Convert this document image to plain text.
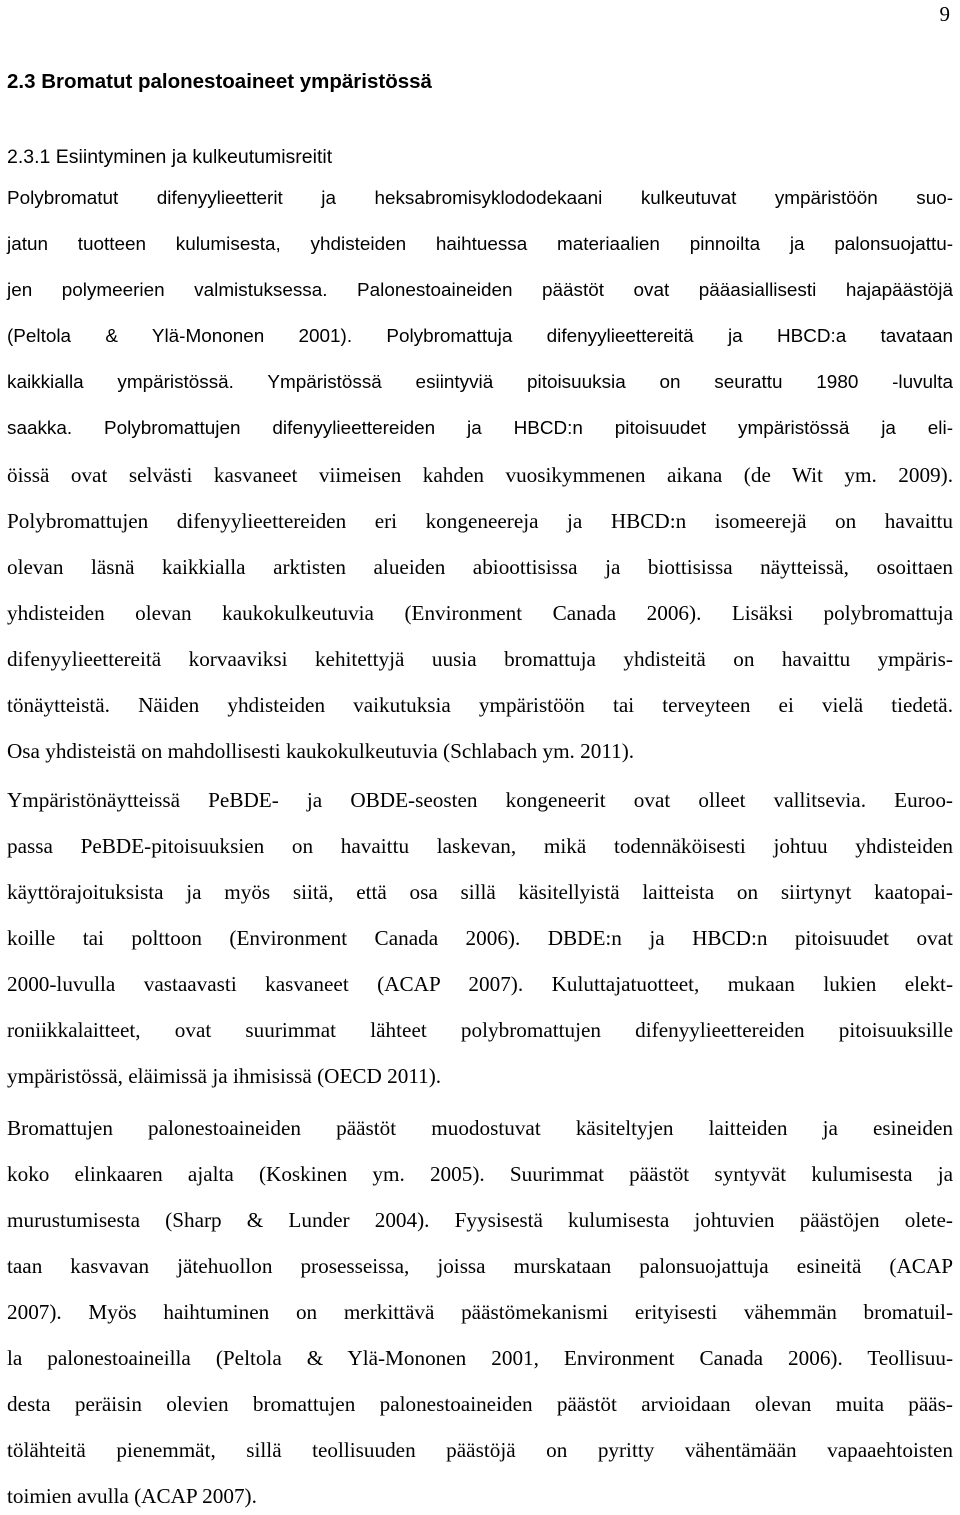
9
2.3 Bromatut palonestoaineet ympäristössä
2.3.1 Esiintyminen ja kulkeutumisreitit
Polybromatut difenyylieetterit ja heksabromisyklododekaani kulkeutuvat ympäristöön suo-
jatun tuotteen kulumisesta, yhdisteiden haihtuessa materiaalien pinnoilta ja palonsuojattu-
jen polymeerien valmistuksessa. Palonestoaineiden päästöt ovat pääasiallisesti hajapäästöjä
(Peltola & Ylä-Mononen 2001). Polybromattuja difenyylieettereitä ja HBCD:a tavataan
kaikkialla ympäristössä. Ympäristössä esiintyviä pitoisuuksia on seurattu 1980 -luvulta
saakka. Polybromattujen difenyylieettereiden ja HBCD:n pitoisuudet ympäristössä ja eli-
öissä ovat selvästi kasvaneet viimeisen kahden vuosikymmenen aikana (de Wit ym. 2009).
Polybromattujen difenyylieettereiden eri kongeneereja ja HBCD:n isomeerejä on havaittu
olevan läsnä kaikkialla arktisten alueiden abioottisissa ja biottisissa näytteissä, osoittaen
yhdisteiden olevan kaukokulkeutuvia (Environment Canada 2006). Lisäksi polybromattuja
difenyylieettereitä korvaaviksi kehitettyjä uusia bromattuja yhdisteitä on havaittu ympäris-
tönäytteistä. Näiden yhdisteiden vaikutuksia ympäristöön tai terveyteen ei vielä tiedetä.
Osa yhdisteistä on mahdollisesti kaukokulkeutuvia (Schlabach ym. 2011).
Ympäristönäytteissä PeBDE- ja OBDE-seosten kongeneerit ovat olleet vallitsevia. Euroo-
passa PeBDE-pitoisuuksien on havaittu laskevan, mikä todennäköisesti johtuu yhdisteiden
käyttörajoituksista ja myös siitä, että osa sillä käsitellyistä laitteista on siirtynyt kaatopai-
koille tai polttoon (Environment Canada 2006). DBDE:n ja HBCD:n pitoisuudet ovat
2000-luvulla vastaavasti kasvaneet (ACAP 2007). Kuluttajatuotteet, mukaan lukien elekt-
roniikkalaitteet, ovat suurimmat lähteet polybromattujen difenyylieettereiden pitoisuuksille
ympäristössä, eläimissä ja ihmisissä (OECD 2011).
Bromattujen palonestoaineiden päästöt muodostuvat käsiteltyjen laitteiden ja esineiden
koko elinkaaren ajalta (Koskinen ym. 2005). Suurimmat päästöt syntyvät kulumisesta ja
murustumisesta (Sharp & Lunder 2004). Fyysisestä kulumisesta johtuvien päästöjen olete-
taan kasvavan jätehuollon prosesseissa, joissa murskataan palonsuojattuja esineitä (ACAP
2007). Myös haihtuminen on merkittävä päästömekanismi erityisesti vähemmän bromatuil-
la palonestoaineilla (Peltola & Ylä-Mononen 2001, Environment Canada 2006). Teollisuu-
desta peräisin olevien bromattujen palonestoaineiden päästöt arvioidaan olevan muita pääs-
tölähteitä pienemmät, sillä teollisuuden päästöjä on pyritty vähentämään vapaaehtoisten
toimien avulla (ACAP 2007).
